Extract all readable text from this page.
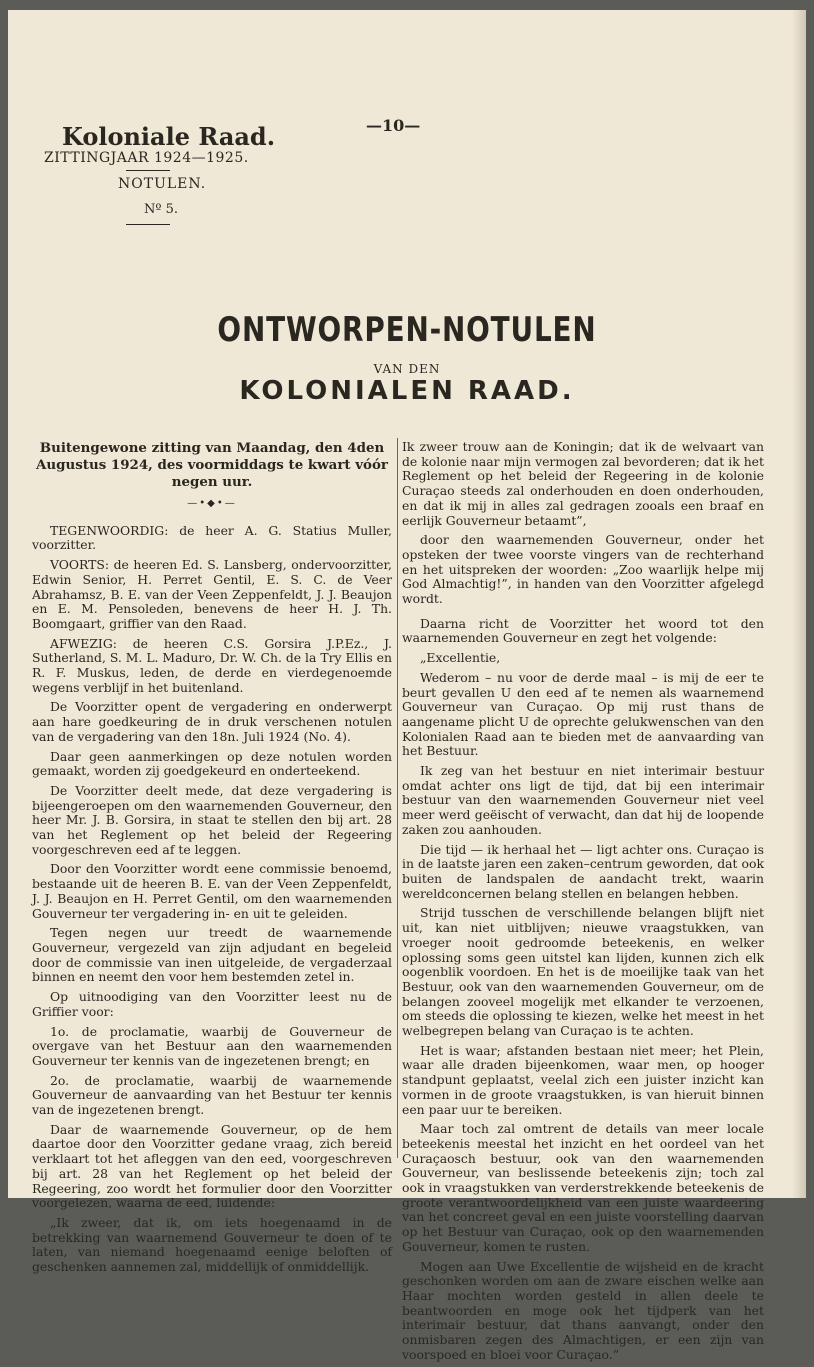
Koloniale Raad.
ZITTINGJAAR 1924—1925.
NOTULEN.
Nº 5.
—10—
ONTWORPEN-NOTULEN
VAN DEN
KOLONIALEN RAAD.
Buitengewone zitting van Maandag, den 4den Augustus 1924, des voormiddags te kwart vóór negen uur.
—•◆•—

TEGENWOORDIG: de heer A. G. Statius Muller, voorzitter.

VOORTS: de heeren Ed. S. Lansberg, ondervoorzitter, Edwin Senior, H. Perret Gentil, E. S. C. de Veer Abrahamsz, B. E. van der Veen Zeppenfeldt, J. J. Beaujon en E. M. Pensoleden, benevens de heer H. J. Th. Boomgaart, griffier van den Raad.

AFWEZIG: de heeren C.S. Gorsira J.P.Ez., J. Sutherland, S. M. L. Maduro, Dr. W. Ch. de la Try Ellis en R. F. Muskus, leden, de derde en vierdegenoemde wegens verblijf in het buitenland.

De Voorzitter opent de vergadering en onderwerpt aan hare goedkeuring de in druk verschenen notulen van de vergadering van den 18n. Juli 1924 (No. 4).

Daar geen aanmerkingen op deze notulen worden gemaakt, worden zij goedgekeurd en onderteekend.

De Voorzitter deelt mede, dat deze vergadering is bijeengeroepen om den waarnemenden Gouverneur, den heer Mr. J. B. Gorsira, in staat te stellen den bij art. 28 van het Reglement op het beleid der Regeering voorgeschreven eed af te leggen.

Door den Voorzitter wordt eene commissie benoemd, bestaande uit de heeren B. E. van der Veen Zeppenfeldt, J. J. Beaujon en H. Perret Gentil, om den waarnemenden Gouverneur ter vergadering in- en uit te geleiden.

Tegen negen uur treedt de waarnemende Gouverneur, vergezeld van zijn adjudant en begeleid door de commissie van inen uitgeleide, de vergaderzaal binnen en neemt den voor hem bestemden zetel in.

Op uitnoodiging van den Voorzitter leest nu de Griffier voor:

1o. de proclamatie, waarbij de Gouverneur de overgave van het Bestuur aan den waarnemenden Gouverneur ter kennis van de ingezetenen brengt; en

2o. de proclamatie, waarbij de waarnemende Gouverneur de aanvaarding van het Bestuur ter kennis van de ingezetenen brengt.

Daar de waarnemende Gouverneur, op de hem daartoe door den Voorzitter gedane vraag, zich bereid verklaart tot het afleggen van den eed, voorgeschreven bij art. 28 van het Reglement op het beleid der Regeering, zoo wordt het formulier door den Voorzitter voorgelezen, waarna de eed, luidende:

„Ik zweer, dat ik, om iets hoegenaamd in de betrekking van waarnemend Gouverneur te doen of te laten, van niemand hoegenaamd eenige beloften of geschenken aannemen zal, middellijk of onmiddellijk.

Ik zweer trouw aan de Koningin; dat ik de welvaart van de kolonie naar mijn vermogen zal bevorderen; dat ik het Reglement op het beleid der Regeering in de kolonie Curaçao steeds zal onderhouden en doen onderhouden, en dat ik mij in alles zal gedragen zooals een braaf en eerlijk Gouverneur betaamt”,

door den waarnemenden Gouverneur, onder het opsteken der twee voorste vingers van de rechterhand en het uitspreken der woorden: „Zoo waarlijk helpe mij God Almachtig!”, in handen van den Voorzitter afgelegd wordt.

Daarna richt de Voorzitter het woord tot den waarnemenden Gouverneur en zegt het volgende:

„Excellentie,

Wederom – nu voor de derde maal – is mij de eer te beurt gevallen U den eed af te nemen als waarnemend Gouverneur van Curaçao. Op mij rust thans de aangename plicht U de oprechte gelukwenschen van den Kolonialen Raad aan te bieden met de aanvaarding van het Bestuur.

Ik zeg van het bestuur en niet interimair bestuur omdat achter ons ligt de tijd, dat bij een interimair bestuur van den waarnemenden Gouverneur niet veel meer werd geëischt of verwacht, dan dat hij de loopende zaken zou aanhouden.

Die tijd — ik herhaal het — ligt achter ons. Curaçao is in de laatste jaren een zaken–centrum geworden, dat ook buiten de landspalen de aandacht trekt, waarin wereldconcernen belang stellen en belangen hebben.

Strijd tusschen de verschillende belangen blijft niet uit, kan niet uitblijven; nieuwe vraagstukken, van vroeger nooit gedroomde beteekenis, en welker oplossing soms geen uitstel kan lijden, kunnen zich elk oogenblik voordoen. En het is de moeilijke taak van het Bestuur, ook van den waarnemenden Gouverneur, om de belangen zooveel mogelijk met elkander te verzoenen, om steeds die oplossing te kiezen, welke het meest in het welbegrepen belang van Curaçao is te achten.

Het is waar; afstanden bestaan niet meer; het Plein, waar alle draden bijeenkomen, waar men, op hooger standpunt geplaatst, veelal zich een juister inzicht kan vormen in de groote vraagstukken, is van hieruit binnen een paar uur te bereiken.

Maar toch zal omtrent de details van meer locale beteekenis meestal het inzicht en het oordeel van het Curaçaosch bestuur, ook van den waarnemenden Gouverneur, van beslissende beteekenis zijn; toch zal ook in vraagstukken van verderstrekkende beteekenis de groote verantwoordelijkheid van een juiste waardeering van het concreet geval en een juiste voorstelling daarvan op het Bestuur van Curaçao, ook op den waarnemenden Gouverneur, komen te rusten.

Mogen aan Uwe Excellentie de wijsheid en de kracht geschonken worden om aan de zware eischen welke aan Haar mochten worden gesteld in allen deele te beantwoorden en moge ook het tijdperk van het interimair bestuur, dat thans aanvangt, onder den onmisbaren zegen des Almachtigen, er een zijn van voorspoed en bloei voor Curaçao.”
